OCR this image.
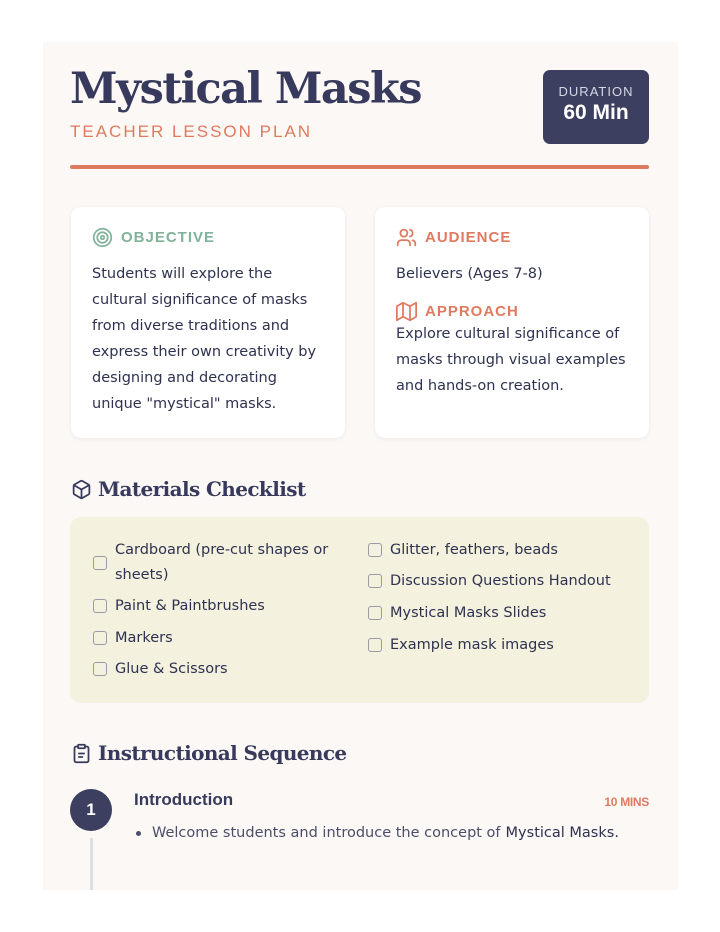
Mystical Masks
TEACHER LESSON PLAN
DURATION
60 Min
OBJECTIVE
Students will explore the
cultural significance of masks
from diverse traditions and
express their own creativity by
designing and decorating
unique "mystical" masks.
AUDIENCE
Believers (Ages 7-8)
APPROACH
Explore cultural significance of
masks through visual examples
and hands-on creation.
Materials Checklist
Cardboard (pre-cut shapes or
sheets)
Paint & Paintbrushes
Markers
Glue & Scissors
Glitter, feathers, beads
Discussion Questions Handout
Mystical Masks Slides
Example mask images
Instructional Sequence
1
Introduction	10 MINS
Welcome students and introduce the concept of Mystical Masks .
